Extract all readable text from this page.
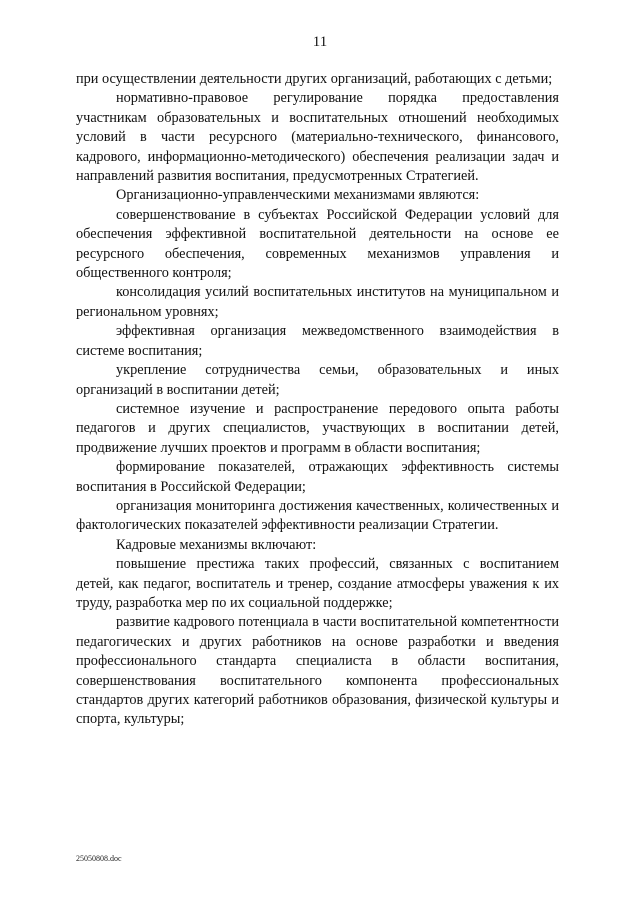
11

при осуществлении деятельности других организаций, работающих с детьми;

нормативно-правовое регулирование порядка предоставления участникам образовательных и воспитательных отношений необходимых условий в части ресурсного (материально-технического, финансового, кадрового, информационно-методического) обеспечения реализации задач и направлений развития воспитания, предусмотренных Стратегией.

Организационно-управленческими механизмами являются:

совершенствование в субъектах Российской Федерации условий для обеспечения эффективной воспитательной деятельности на основе ее ресурсного обеспечения, современных механизмов управления и общественного контроля;

консолидация усилий воспитательных институтов на муниципальном и региональном уровнях;

эффективная организация межведомственного взаимодействия в системе воспитания;

укрепление сотрудничества семьи, образовательных и иных организаций в воспитании детей;

системное изучение и распространение передового опыта работы педагогов и других специалистов, участвующих в воспитании детей, продвижение лучших проектов и программ в области воспитания;

формирование показателей, отражающих эффективность системы воспитания в Российской Федерации;

организация мониторинга достижения качественных, количественных и фактологических показателей эффективности реализации Стратегии.

Кадровые механизмы включают:

повышение престижа таких профессий, связанных с воспитанием детей, как педагог, воспитатель и тренер, создание атмосферы уважения к их труду, разработка мер по их социальной поддержке;

развитие кадрового потенциала в части воспитательной компетентности педагогических и других работников на основе разработки и введения профессионального стандарта специалиста в области воспитания, совершенствования воспитательного компонента профессиональных стандартов других категорий работников образования, физической культуры и спорта, культуры;

25050808.doc
